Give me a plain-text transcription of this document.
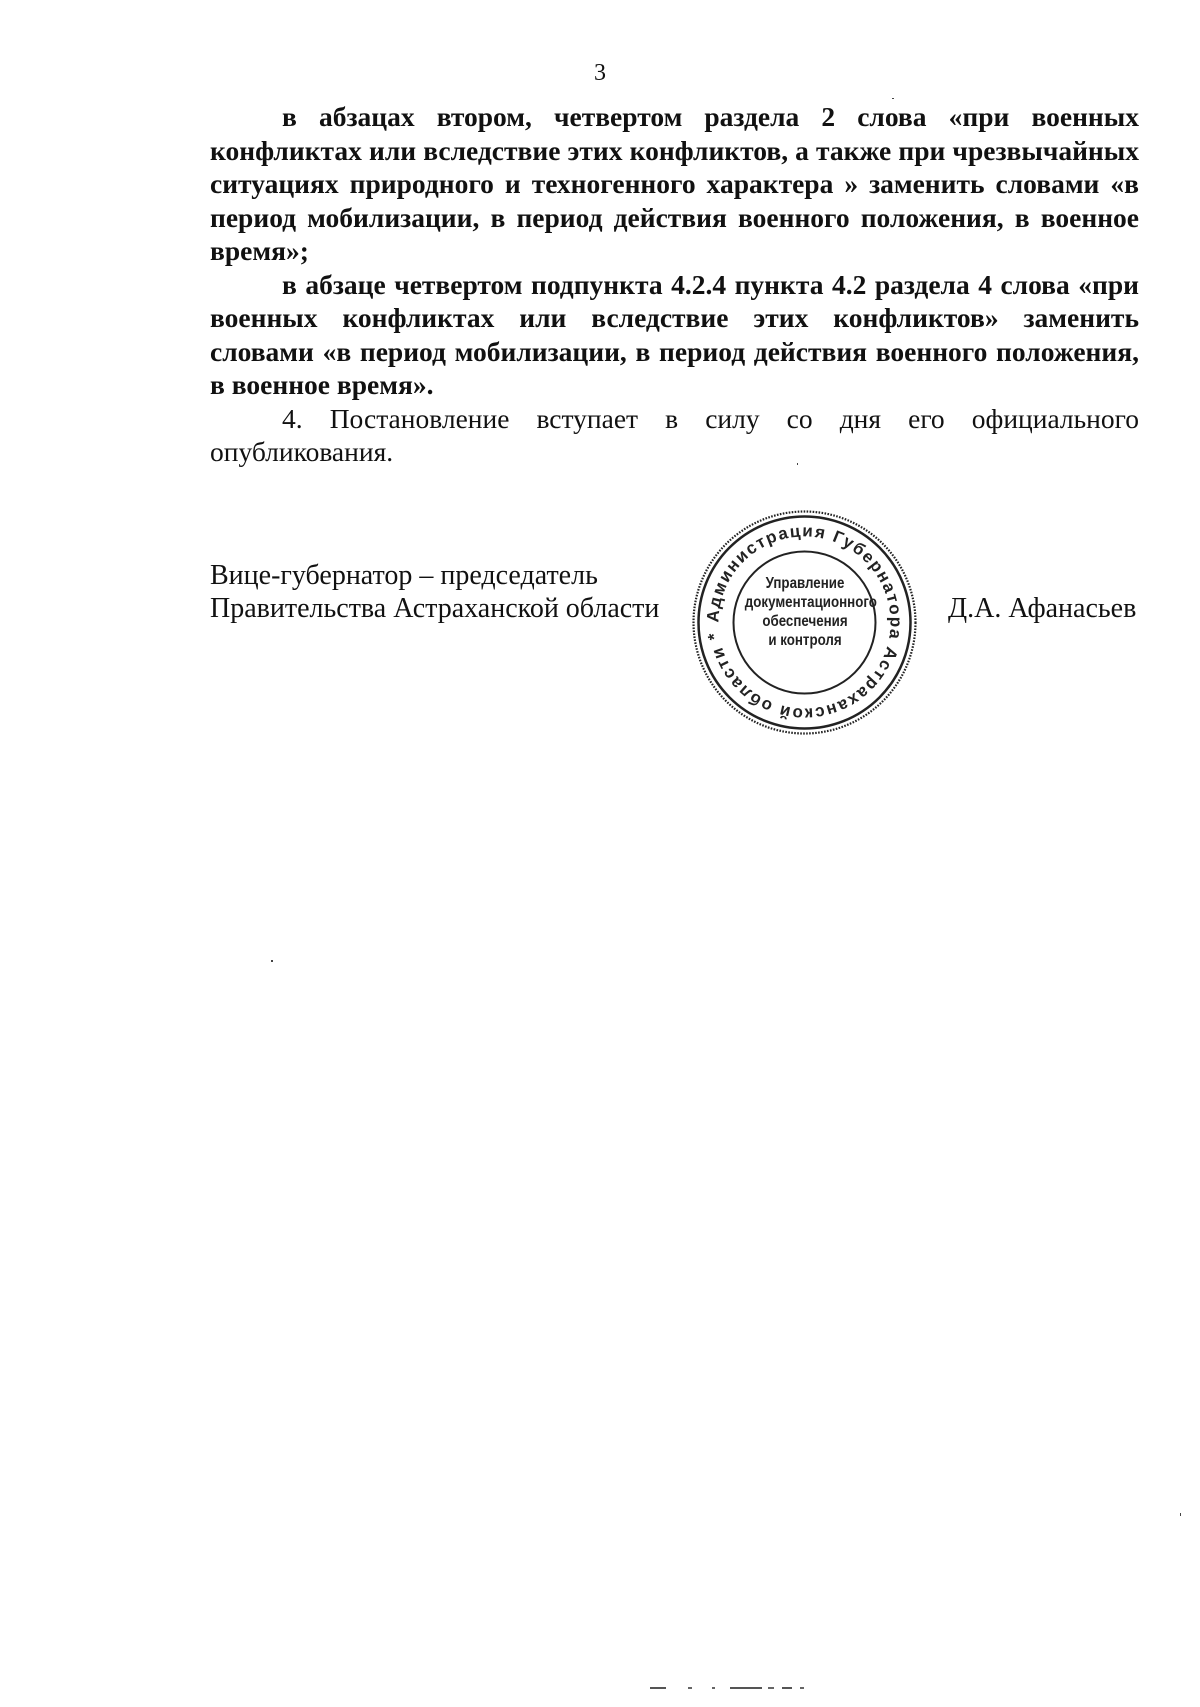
3

в абзацах втором, четвертом раздела 2 слова «при военных конфликтах или вследствие этих конфликтов, а также при чрезвычайных ситуациях природного и техногенного характера » заменить словами «в период мобилизации, в период действия военного положения, в военное время»;

в абзаце четвертом подпункта 4.2.4 пункта 4.2 раздела 4 слова «при военных конфликтах или вследствие этих конфликтов» заменить словами «в период мобилизации, в период действия военного положения, в военное время».

4. Постановление вступает в силу со дня его официального опубликования.

Вице-губернатор – председатель
Правительства Астраханской области	Администрация Губернатора Астраханской области *
Управление
документационного
обеспечения
и контроля
Д.А. Афанасьев
